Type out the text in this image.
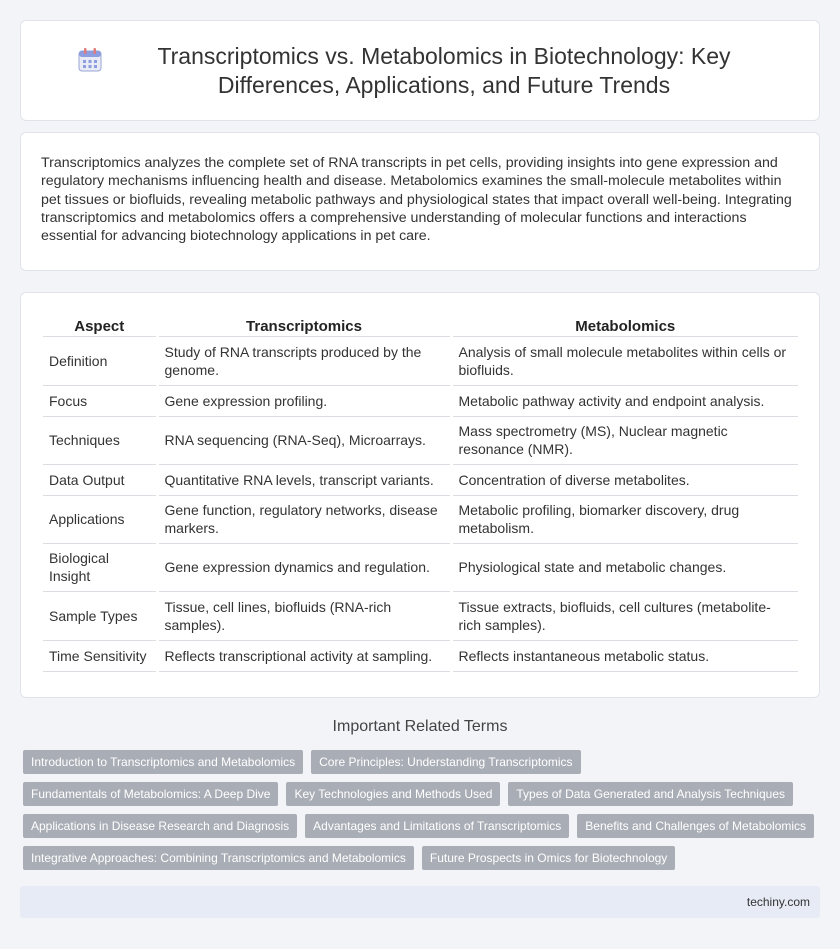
Transcriptomics vs. Metabolomics in Biotechnology: Key Differences, Applications, and Future Trends

Transcriptomics analyzes the complete set of RNA transcripts in pet cells, providing insights into gene expression and regulatory mechanisms influencing health and disease. Metabolomics examines the small-molecule metabolites within pet tissues or biofluids, revealing metabolic pathways and physiological states that impact overall well-being. Integrating transcriptomics and metabolomics offers a comprehensive understanding of molecular functions and interactions essential for advancing biotechnology applications in pet care.

Aspect	Transcriptomics	Metabolomics
Definition	Study of RNA transcripts produced by the genome.	Analysis of small molecule metabolites within cells or biofluids.
Focus	Gene expression profiling.	Metabolic pathway activity and endpoint analysis.
Techniques	RNA sequencing (RNA-Seq), Microarrays.	Mass spectrometry (MS), Nuclear magnetic resonance (NMR).
Data Output	Quantitative RNA levels, transcript variants.	Concentration of diverse metabolites.
Applications	Gene function, regulatory networks, disease markers.	Metabolic profiling, biomarker discovery, drug metabolism.
Biological Insight	Gene expression dynamics and regulation.	Physiological state and metabolic changes.
Sample Types	Tissue, cell lines, biofluids (RNA-rich samples).	Tissue extracts, biofluids, cell cultures (metabolite-rich samples).
Time Sensitivity	Reflects transcriptional activity at sampling.	Reflects instantaneous metabolic status.
Important Related Terms
Introduction to Transcriptomics and Metabolomics	Core Principles: Understanding Transcriptomics
Fundamentals of Metabolomics: A Deep Dive	Key Technologies and Methods Used	Types of Data Generated and Analysis Techniques
Applications in Disease Research and Diagnosis	Advantages and Limitations of Transcriptomics	Benefits and Challenges of Metabolomics
Integrative Approaches: Combining Transcriptomics and Metabolomics	Future Prospects in Omics for Biotechnology
techiny.com
